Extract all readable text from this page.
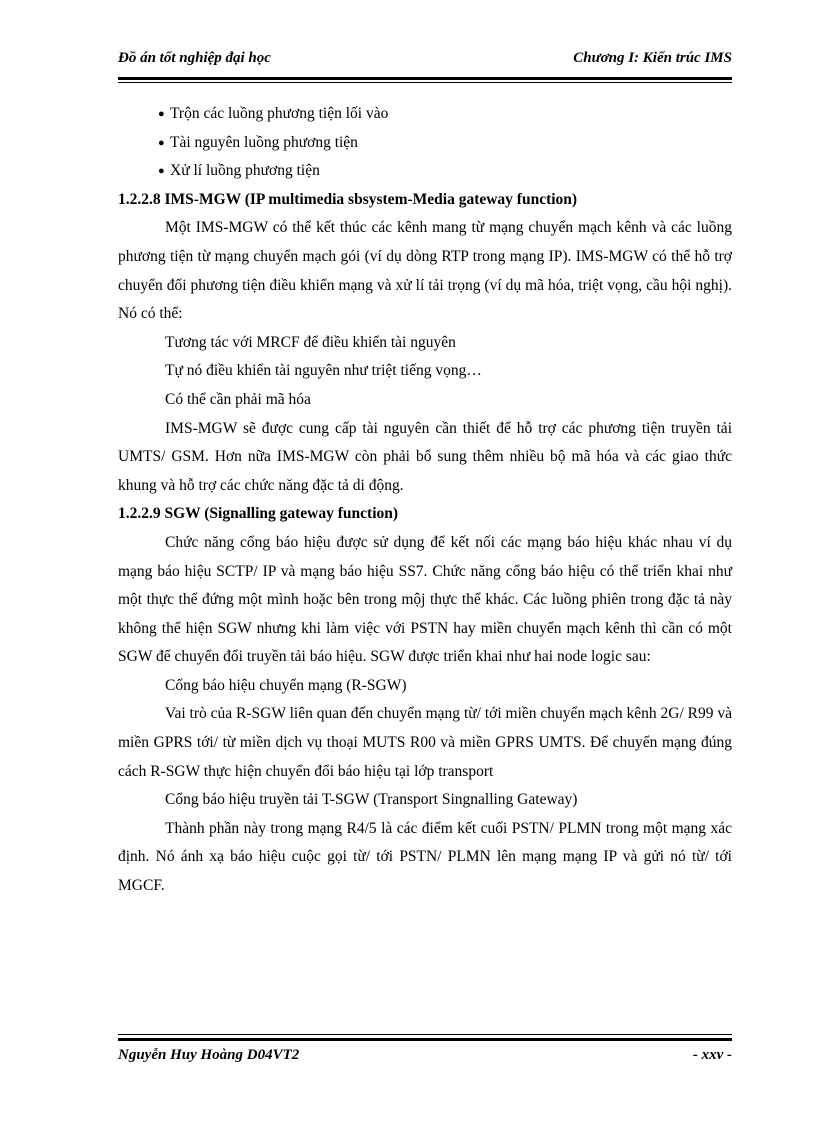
Đồ án tốt nghiệp đại học	Chương I: Kiến trúc IMS

● Trộn các luồng phương tiện lối vào

● Tài nguyên luồng phương tiện

● Xử lí luồng phương tiện

1.2.2.8 IMS-MGW (IP multimedia sbsystem-Media gateway function)

Một IMS-MGW có thể kết thúc các kênh mang từ mạng chuyển mạch kênh và các luồng phương tiện từ mạng chuyển mạch gói (ví dụ dòng RTP trong mạng IP). IMS-MGW có thể hỗ trợ chuyển đổi phương tiện điều khiển mạng và xử lí tải trọng (ví dụ mã hóa, triệt vọng, cầu hội nghị). Nó có thể:

Tương tác với MRCF để điều khiển tài nguyên

Tự nó điều khiển tài nguyên như triệt tiếng vọng…

Có thể cần phải mã hóa

IMS-MGW sẽ được cung cấp tài nguyên cần thiết để hỗ trợ các phương tiện truyền tải UMTS/ GSM. Hơn nữa IMS-MGW còn phải bổ sung thêm nhiều bộ mã hóa và các giao thức khung và hỗ trợ các chức năng đặc tả di động.

1.2.2.9 SGW (Signalling gateway function)

Chức năng cổng báo hiệu được sử dụng để kết nối các mạng báo hiệu khác nhau ví dụ mạng báo hiệu SCTP/ IP và mạng báo hiệu SS7. Chức năng cổng báo hiệu có thể triển khai như một thực thể đứng một mình hoặc bên trong mộj thực thể khác. Các luồng phiên trong đặc tả này không thể hiện SGW nhưng khi làm việc với PSTN hay miền chuyển mạch kênh thì cần có một SGW để chuyển đổi truyền tải báo hiệu. SGW được triển khai như hai node logic sau:

Cổng báo hiệu chuyển mạng (R-SGW)

Vai trò của R-SGW liên quan đến chuyển mạng từ/ tới miền chuyển mạch kênh 2G/ R99 và miền GPRS tới/ từ miền dịch vụ thoại MUTS R00 và miền GPRS UMTS. Để chuyển mạng đúng cách R-SGW thực hiện chuyển đổi báo hiệu tại lớp transport

Cổng báo hiệu truyền tải T-SGW (Transport Singnalling Gateway)

Thành phần này trong mạng R4/5 là các điểm kết cuối PSTN/ PLMN trong một mạng xác định. Nó ánh xạ báo hiệu cuộc gọi từ/ tới PSTN/ PLMN lên mạng mạng IP và gửi nó từ/ tới MGCF.

Nguyễn Huy Hoàng D04VT2	- xxv -
